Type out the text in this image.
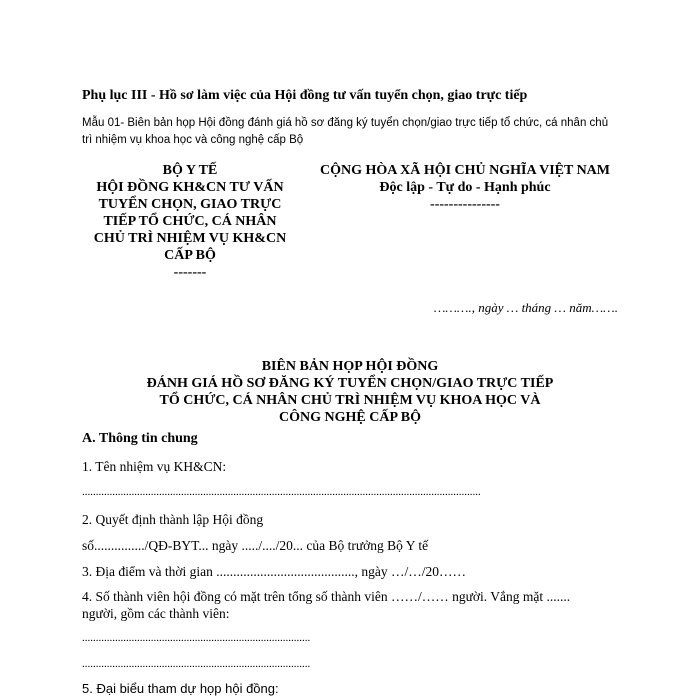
Phụ lục III - Hồ sơ làm việc của Hội đồng tư vấn tuyển chọn, giao trực tiếp
Mẫu 01- Biên bản họp Hội đồng đánh giá hồ sơ đăng ký tuyển chọn/giao trực tiếp tổ chức, cá nhân chủ
trì nhiệm vụ khoa học và công nghệ cấp Bộ
BỘ Y TẾ
HỘI ĐỒNG KH&CN TƯ VẤN
TUYỂN CHỌN, GIAO TRỰC
TIẾP TỔ CHỨC, CÁ NHÂN
CHỦ TRÌ NHIỆM VỤ KH&CN
CẤP BỘ
-------
CỘNG HÒA XÃ HỘI CHỦ NGHĨA VIỆT NAM
Độc lập - Tự do - Hạnh phúc
---------------
………., ngày … tháng … năm…….
BIÊN BẢN HỌP HỘI ĐỒNG
ĐÁNH GIÁ HỒ SƠ ĐĂNG KÝ TUYỂN CHỌN/GIAO TRỰC TIẾP
TỔ CHỨC, CÁ NHÂN CHỦ TRÌ NHIỆM VỤ KHOA HỌC VÀ
CÔNG NGHỆ CẤP BỘ
A. Thông tin chung
1. Tên nhiệm vụ KH&CN:
.................................................................................................................................................
2. Quyết định thành lập Hội đồng
số.............../QĐ-BYT... ngày ...../..../20... của Bộ trưởng Bộ Y tế
3. Địa điểm và thời gian ........................................., ngày …/…/20……
4. Số thành viên hội đồng có mặt trên tổng số thành viên ……/…… người. Vắng mặt .......
người, gồm các thành viên:
...................................................................................
...................................................................................
5. Đại biểu tham dự họp hội đồng:
